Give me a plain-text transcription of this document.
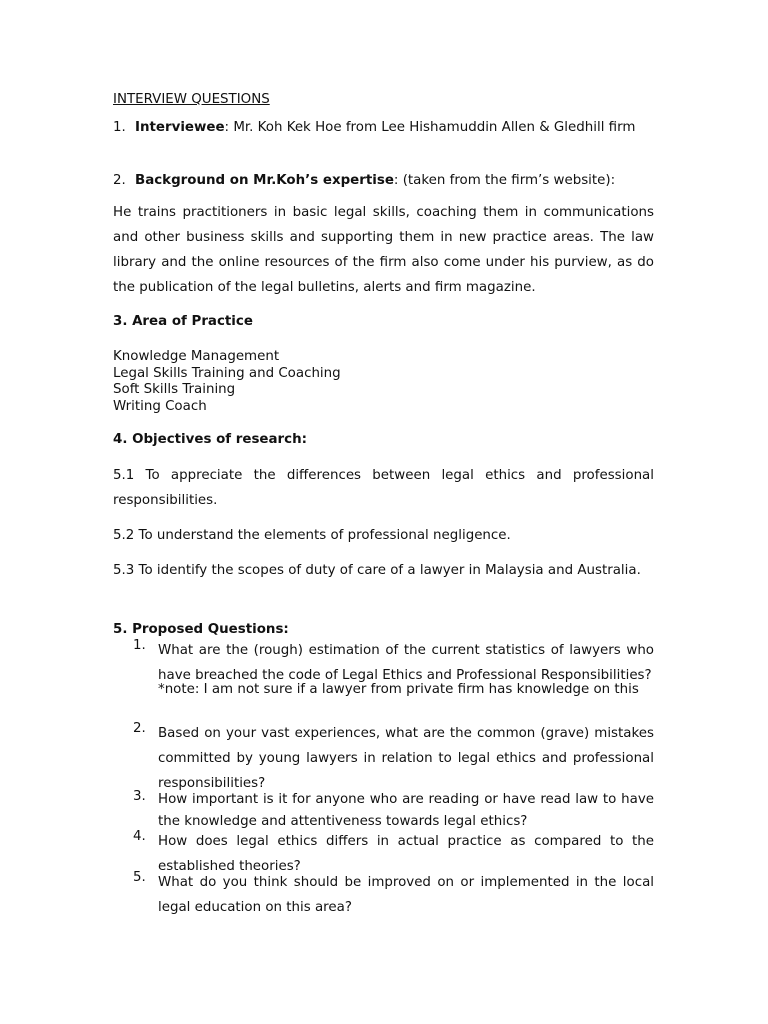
INTERVIEW QUESTIONS
1. Interviewee: Mr. Koh Kek Hoe from Lee Hishamuddin Allen & Gledhill firm
2. Background on Mr.Koh’s expertise: (taken from the firm’s website):

He trains practitioners in basic legal skills, coaching them in communications and other business skills and supporting them in new practice areas. The law library and the online resources of the firm also come under his purview, as do the publication of the legal bulletins, alerts and firm magazine.

3. Area of Practice
Knowledge Management
Legal Skills Training and Coaching
Soft Skills Training
Writing Coach
4. Objectives of research:

5.1 To appreciate the differences between legal ethics and professional responsibilities.

5.2 To understand the elements of professional negligence.

5.3 To identify the scopes of duty of care of a lawyer in Malaysia and Australia.

5. Proposed Questions:
1. What are the (rough) estimation of the current statistics of lawyers who have breached the code of Legal Ethics and Professional Responsibilities?
*note: I am not sure if a lawyer from private firm has knowledge on this
2. Based on your vast experiences, what are the common (grave) mistakes committed by young lawyers in relation to legal ethics and professional responsibilities?
3. How important is it for anyone who are reading or have read law to have the knowledge and attentiveness towards legal ethics?
4. How does legal ethics differs in actual practice as compared to the established theories?
5. What do you think should be improved on or implemented in the local legal education on this area?
